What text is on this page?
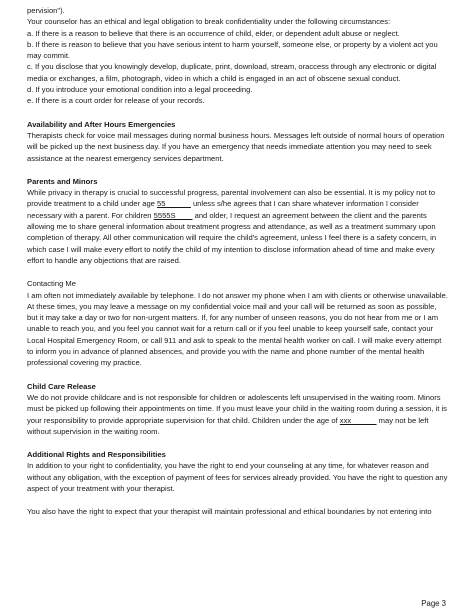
pervision").

Your counselor has an ethical and legal obligation to break confidentiality under the following circumstances:

a. If there is a reason to believe that there is an occurrence of child, elder, or dependent adult abuse or neglect.

b. If there is reason to believe that you have serious intent to harm yourself, someone else, or property by a violent act you may commit.

c. If you disclose that you knowingly develop, duplicate, print, download, stream, oraccess through any electronic or digital media or exchanges, a film, photograph, video in which a child is engaged in an act of obscene sexual conduct.

d. If you introduce your emotional condition into a legal proceeding.

e. If there is a court order for release of your records.

Availability and After Hours Emergencies

Therapists check for voice mail messages during normal business hours. Messages left outside of normal hours of operation will be picked up the next business day. If you have an emergency that needs immediate attention you may need to seek assistance at the nearest emergency services department.

Parents and Minors

While privacy in therapy is crucial to successful progress, parental involvement can also be essential. It is my policy not to provide treatment to a child under age 55______ unless s/he agrees that I can share whatever information I consider necessary with a parent. For children 5555S____ and older, I request an agreement between the client and the parents allowing me to share general information about treatment progress and attendance, as well as a treatment summary upon completion of therapy. All other communication will require the child's agreement, unless I feel there is a safety concern, in which case I will make every effort to notify the child of my intention to disclose information ahead of time and make every effort to handle any objections that are raised.

Contacting Me

I am often not immediately available by telephone. I do not answer my phone when I am with clients or otherwise unavailable. At these times, you may leave a message on my confidential voice mail and your call will be returned as soon as possible, but it may take a day or two for non-urgent matters. If, for any number of unseen reasons, you do not hear from me or I am unable to reach you, and you feel you cannot wait for a return call or if you feel unable to keep yourself safe, contact your Local Hospital Emergency Room, or call 911 and ask to speak to the mental health worker on call. I will make every attempt to inform you in advance of planned absences, and provide you with the name and phone number of the mental health professional covering my practice.

Child Care Release

We do not provide childcare and is not responsible for children or adolescents left unsupervised in the waiting room. Minors must be picked up following their appointments on time. If you must leave your child in the waiting room during a session, it is your responsibility to provide appropriate supervision for that child. Children under the age of xxx______ may not be left without supervision in the waiting room.

Additional Rights and Responsibilities

In addition to your right to confidentiality, you have the right to end your counseling at any time, for whatever reason and without any obligation, with the exception of payment of fees for services already provided. You have the right to question any aspect of your treatment with your therapist.

You also have the right to expect that your therapist will maintain professional and ethical boundaries by not entering into

Page 3
